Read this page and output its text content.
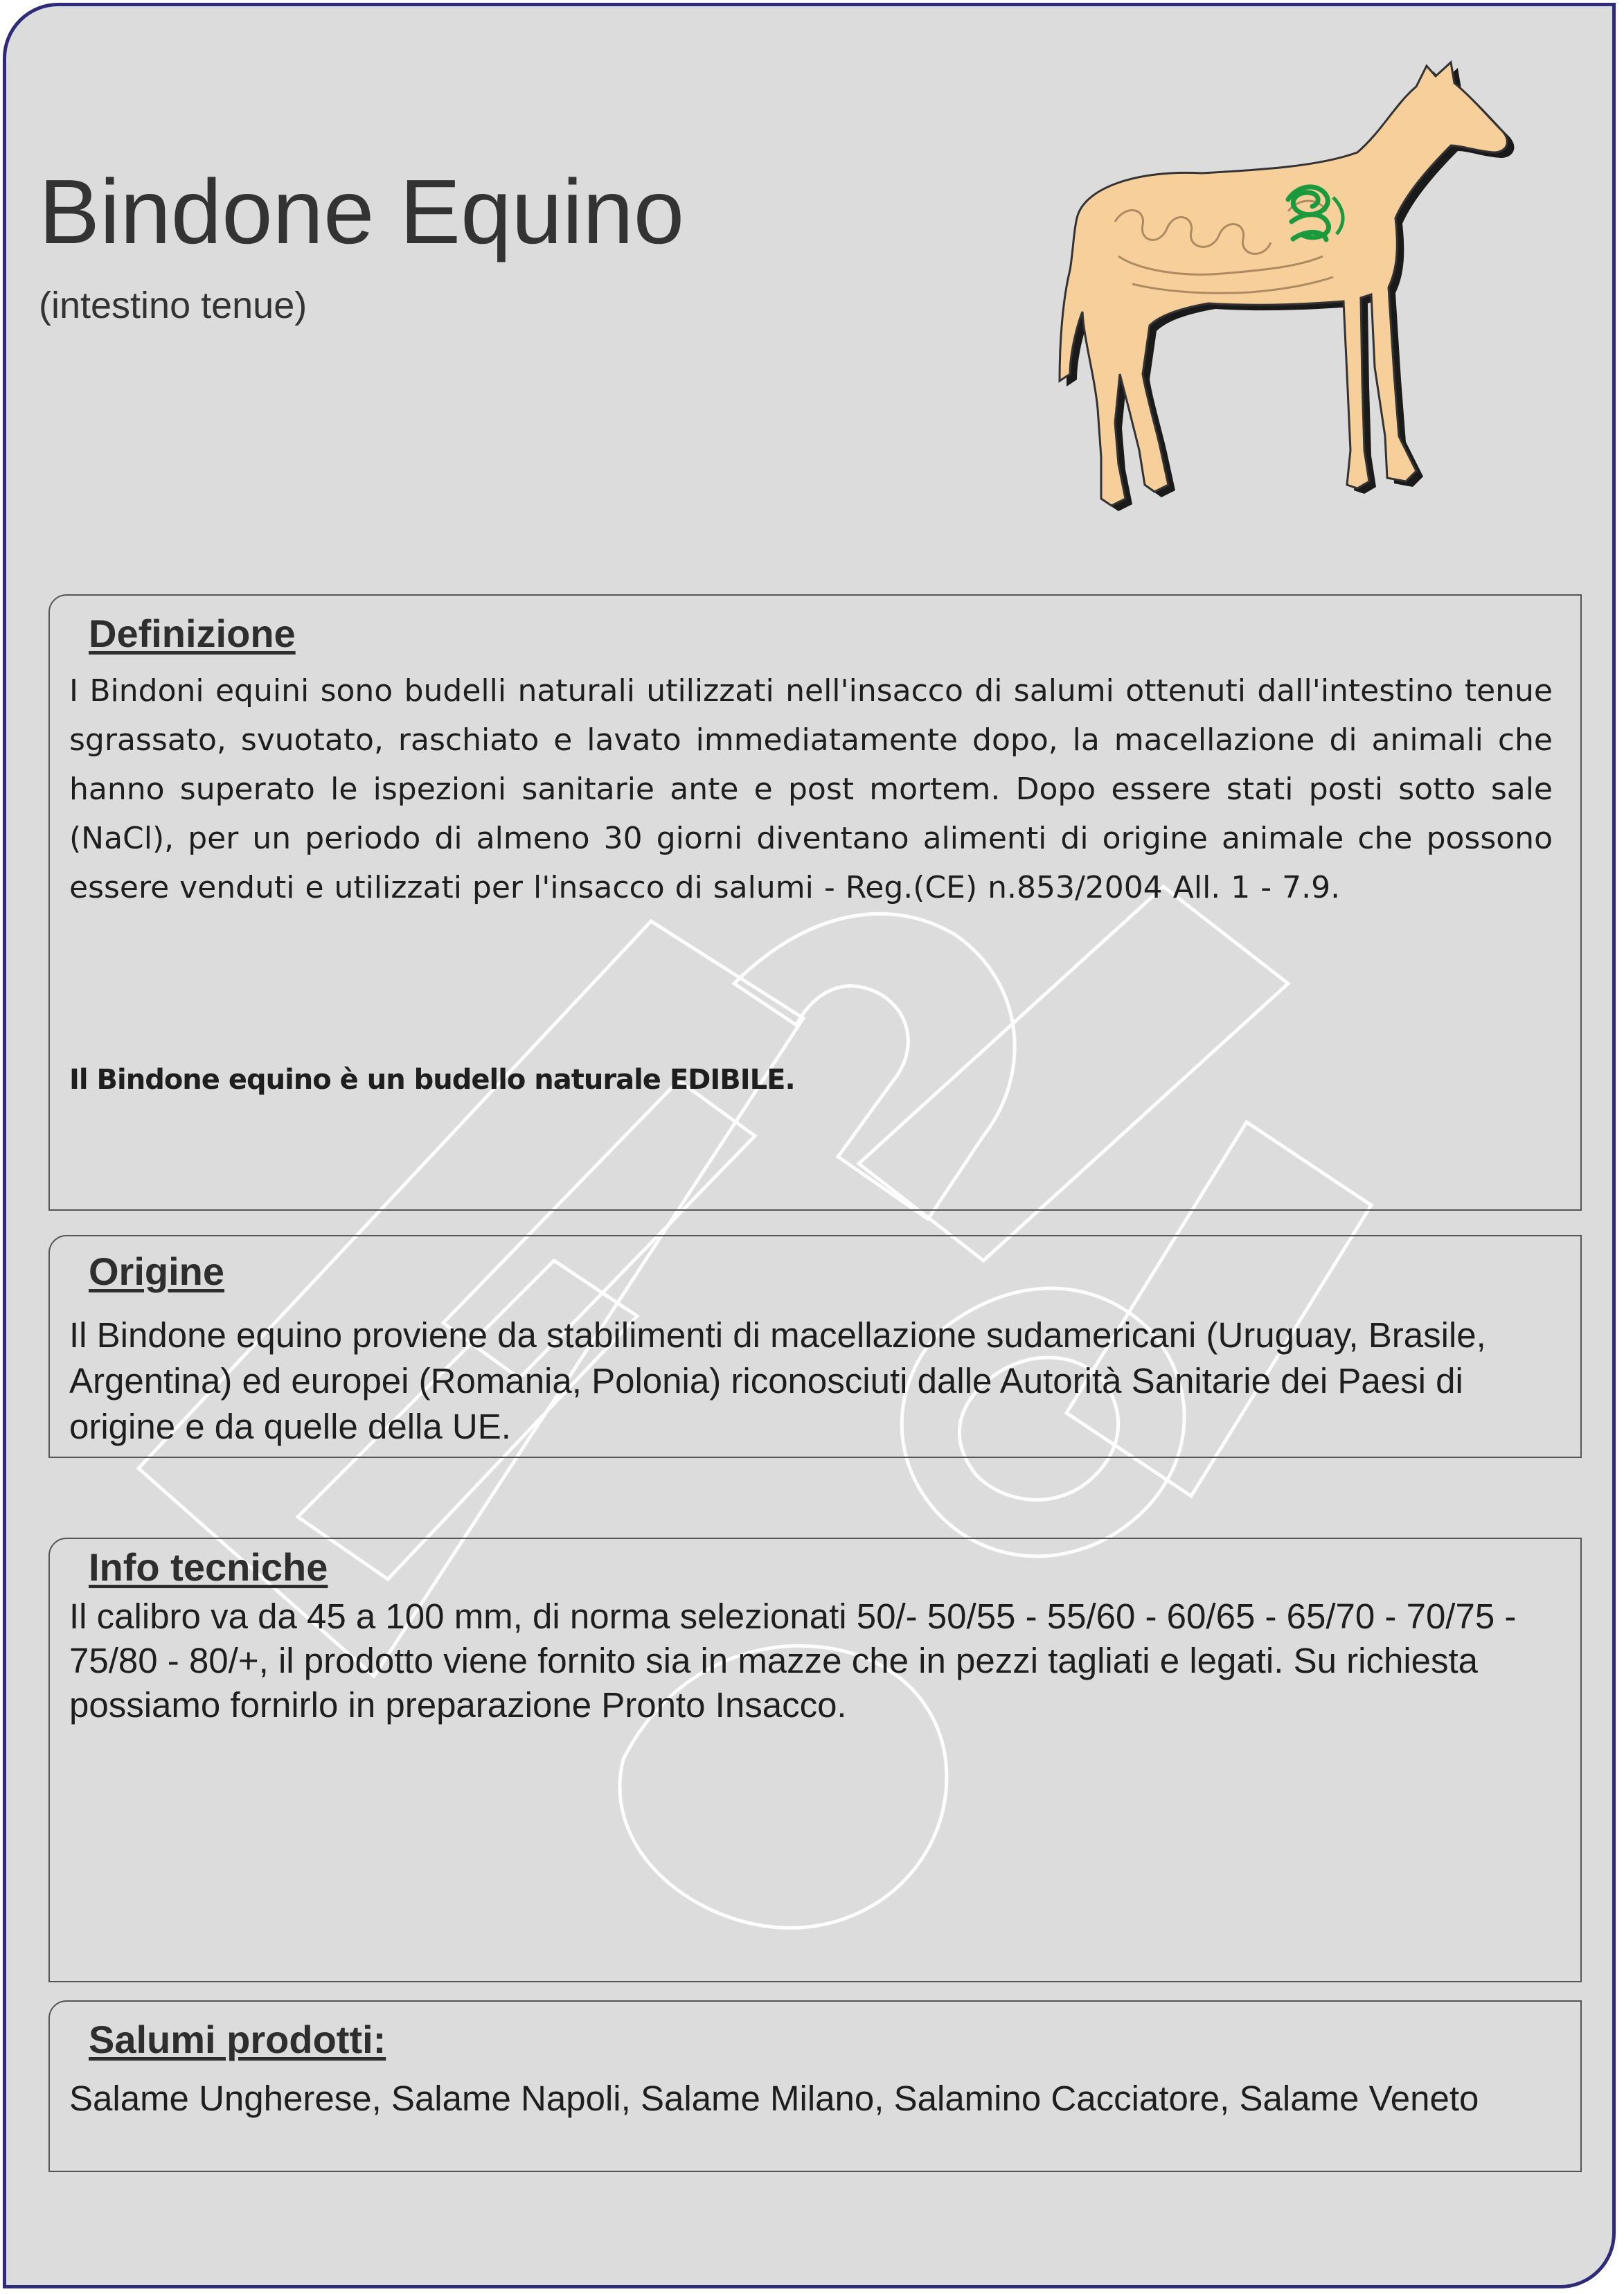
Bindone Equino
(intestino tenue)
Definizione

I Bindoni equini sono budelli naturali utilizzati nell'insacco di salumi ottenuti dall'intestino tenue sgrassato, svuotato, raschiato e lavato immediatamente dopo, la macellazione di animali che hanno superato le ispezioni sanitarie ante e post mortem. Dopo essere stati posti sotto sale (NaCl), per un periodo di almeno 30 giorni diventano alimenti di origine animale che possono essere venduti e utilizzati per l'insacco di salumi - Reg.(CE) n.853/2004 All. 1 - 7.9.

Il Bindone equino è un budello naturale EDIBILE.
Origine

Il Bindone equino proviene da stabilimenti di macellazione sudamericani (Uruguay, Brasile, Argentina) ed europei (Romania, Polonia) riconosciuti dalle Autorità Sanitarie dei Paesi di origine e da quelle della UE.

Info tecniche

Il calibro va da 45 a 100 mm, di norma selezionati 50/- 50/55 - 55/60 - 60/65 - 65/70 - 70/75 - 75/80 - 80/+, il prodotto viene fornito sia in mazze che in pezzi tagliati e legati. Su richiesta possiamo fornirlo in preparazione Pronto Insacco.

Salumi prodotti:

Salame Ungherese, Salame Napoli, Salame Milano, Salamino Cacciatore, Salame Veneto
